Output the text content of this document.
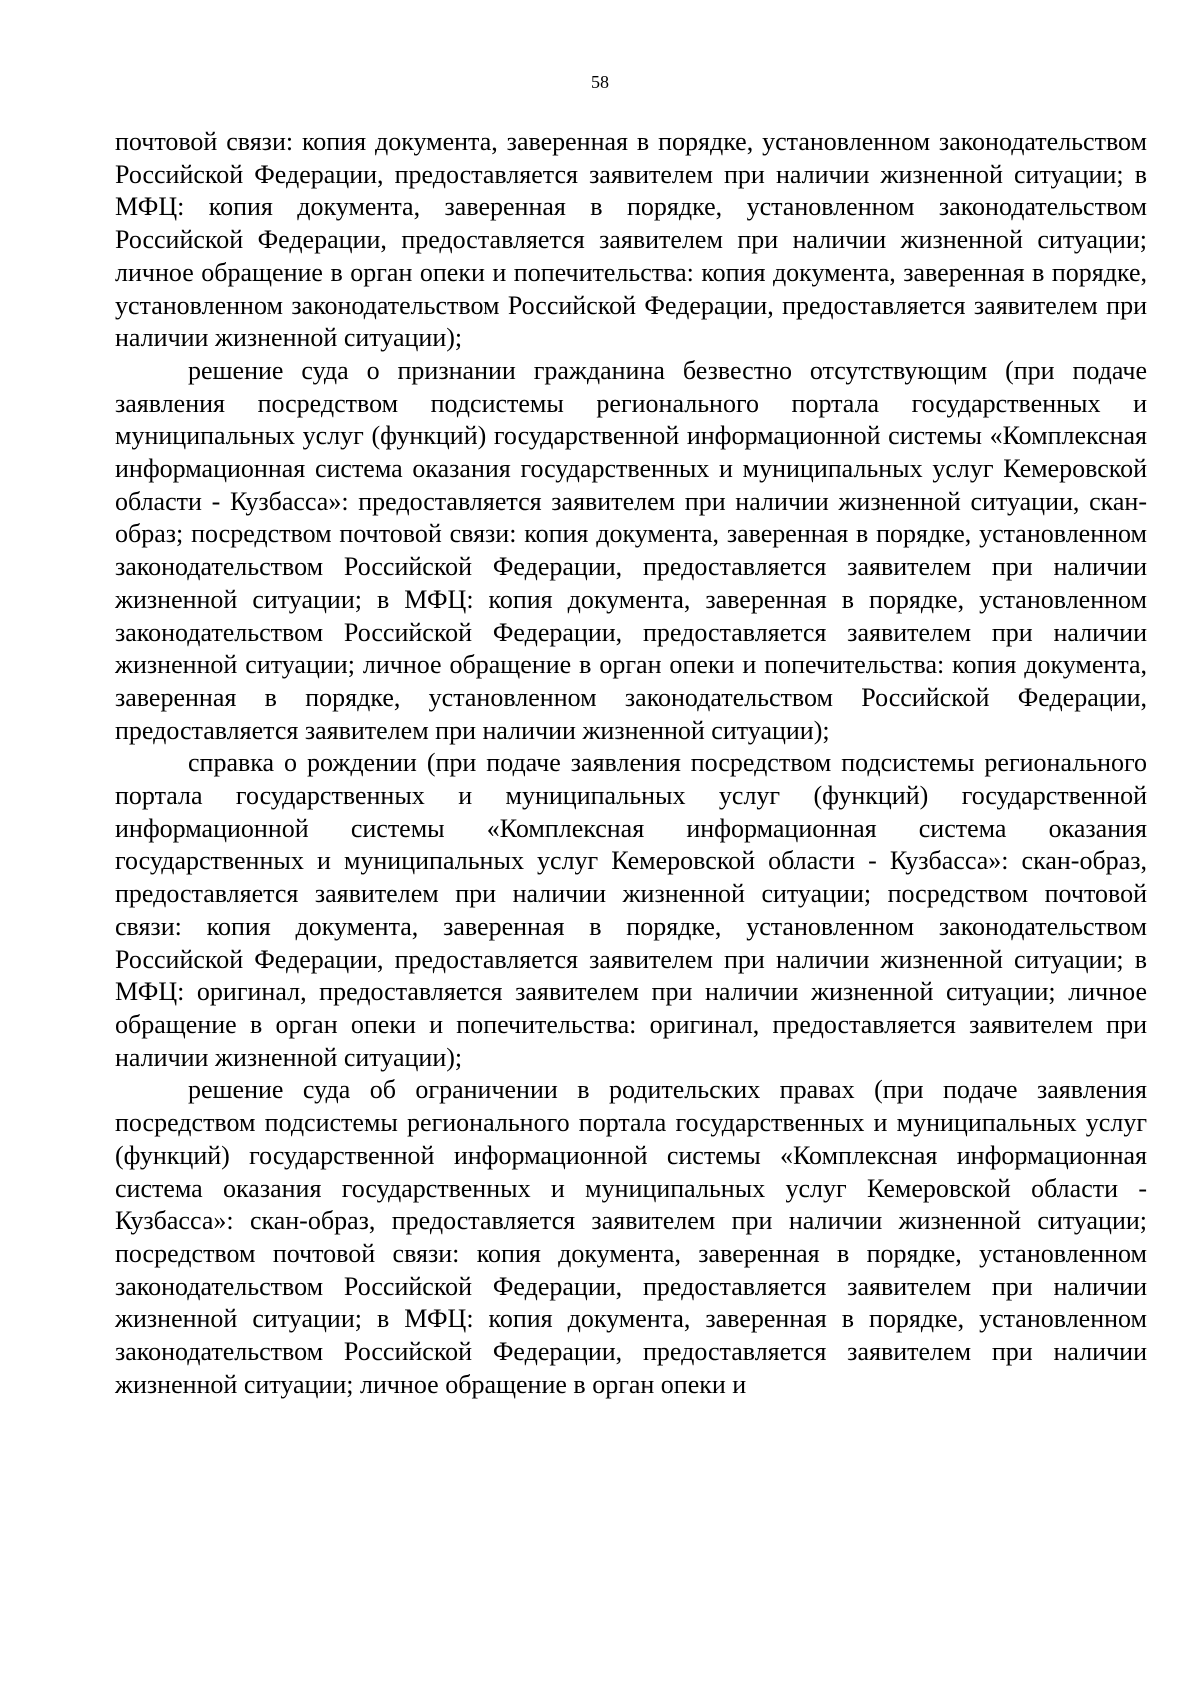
58

почтовой связи: копия документа, заверенная в порядке, установленном законодательством Российской Федерации, предоставляется заявителем при наличии жизненной ситуации; в МФЦ: копия документа, заверенная в порядке, установленном законодательством Российской Федерации, предоставляется заявителем при наличии жизненной ситуации; личное обращение в орган опеки и попечительства: копия документа, заверенная в порядке, установленном законодательством Российской Федерации, предоставляется заявителем при наличии жизненной ситуации);

решение суда о признании гражданина безвестно отсутствующим (при подаче заявления посредством подсистемы регионального портала государственных и муниципальных услуг (функций) государственной информационной системы «Комплексная информационная система оказания государственных и муниципальных услуг Кемеровской области - Кузбасса»: предоставляется заявителем при наличии жизненной ситуации, скан-образ; посредством почтовой связи: копия документа, заверенная в порядке, установленном законодательством Российской Федерации, предоставляется заявителем при наличии жизненной ситуации; в МФЦ: копия документа, заверенная в порядке, установленном законодательством Российской Федерации, предоставляется заявителем при наличии жизненной ситуации; личное обращение в орган опеки и попечительства: копия документа, заверенная в порядке, установленном законодательством Российской Федерации, предоставляется заявителем при наличии жизненной ситуации);

справка о рождении (при подаче заявления посредством подсистемы регионального портала государственных и муниципальных услуг (функций) государственной информационной системы «Комплексная информационная система оказания государственных и муниципальных услуг Кемеровской области - Кузбасса»: скан-образ, предоставляется заявителем при наличии жизненной ситуации; посредством почтовой связи: копия документа, заверенная в порядке, установленном законодательством Российской Федерации, предоставляется заявителем при наличии жизненной ситуации; в МФЦ: оригинал, предоставляется заявителем при наличии жизненной ситуации; личное обращение в орган опеки и попечительства: оригинал, предоставляется заявителем при наличии жизненной ситуации);

решение суда об ограничении в родительских правах (при подаче заявления посредством подсистемы регионального портала государственных и муниципальных услуг (функций) государственной информационной системы «Комплексная информационная система оказания государственных и муниципальных услуг Кемеровской области - Кузбасса»: скан-образ, предоставляется заявителем при наличии жизненной ситуации; посредством почтовой связи: копия документа, заверенная в порядке, установленном законодательством Российской Федерации, предоставляется заявителем при наличии жизненной ситуации; в МФЦ: копия документа, заверенная в порядке, установленном законодательством Российской Федерации, предоставляется заявителем при наличии жизненной ситуации; личное обращение в орган опеки и
